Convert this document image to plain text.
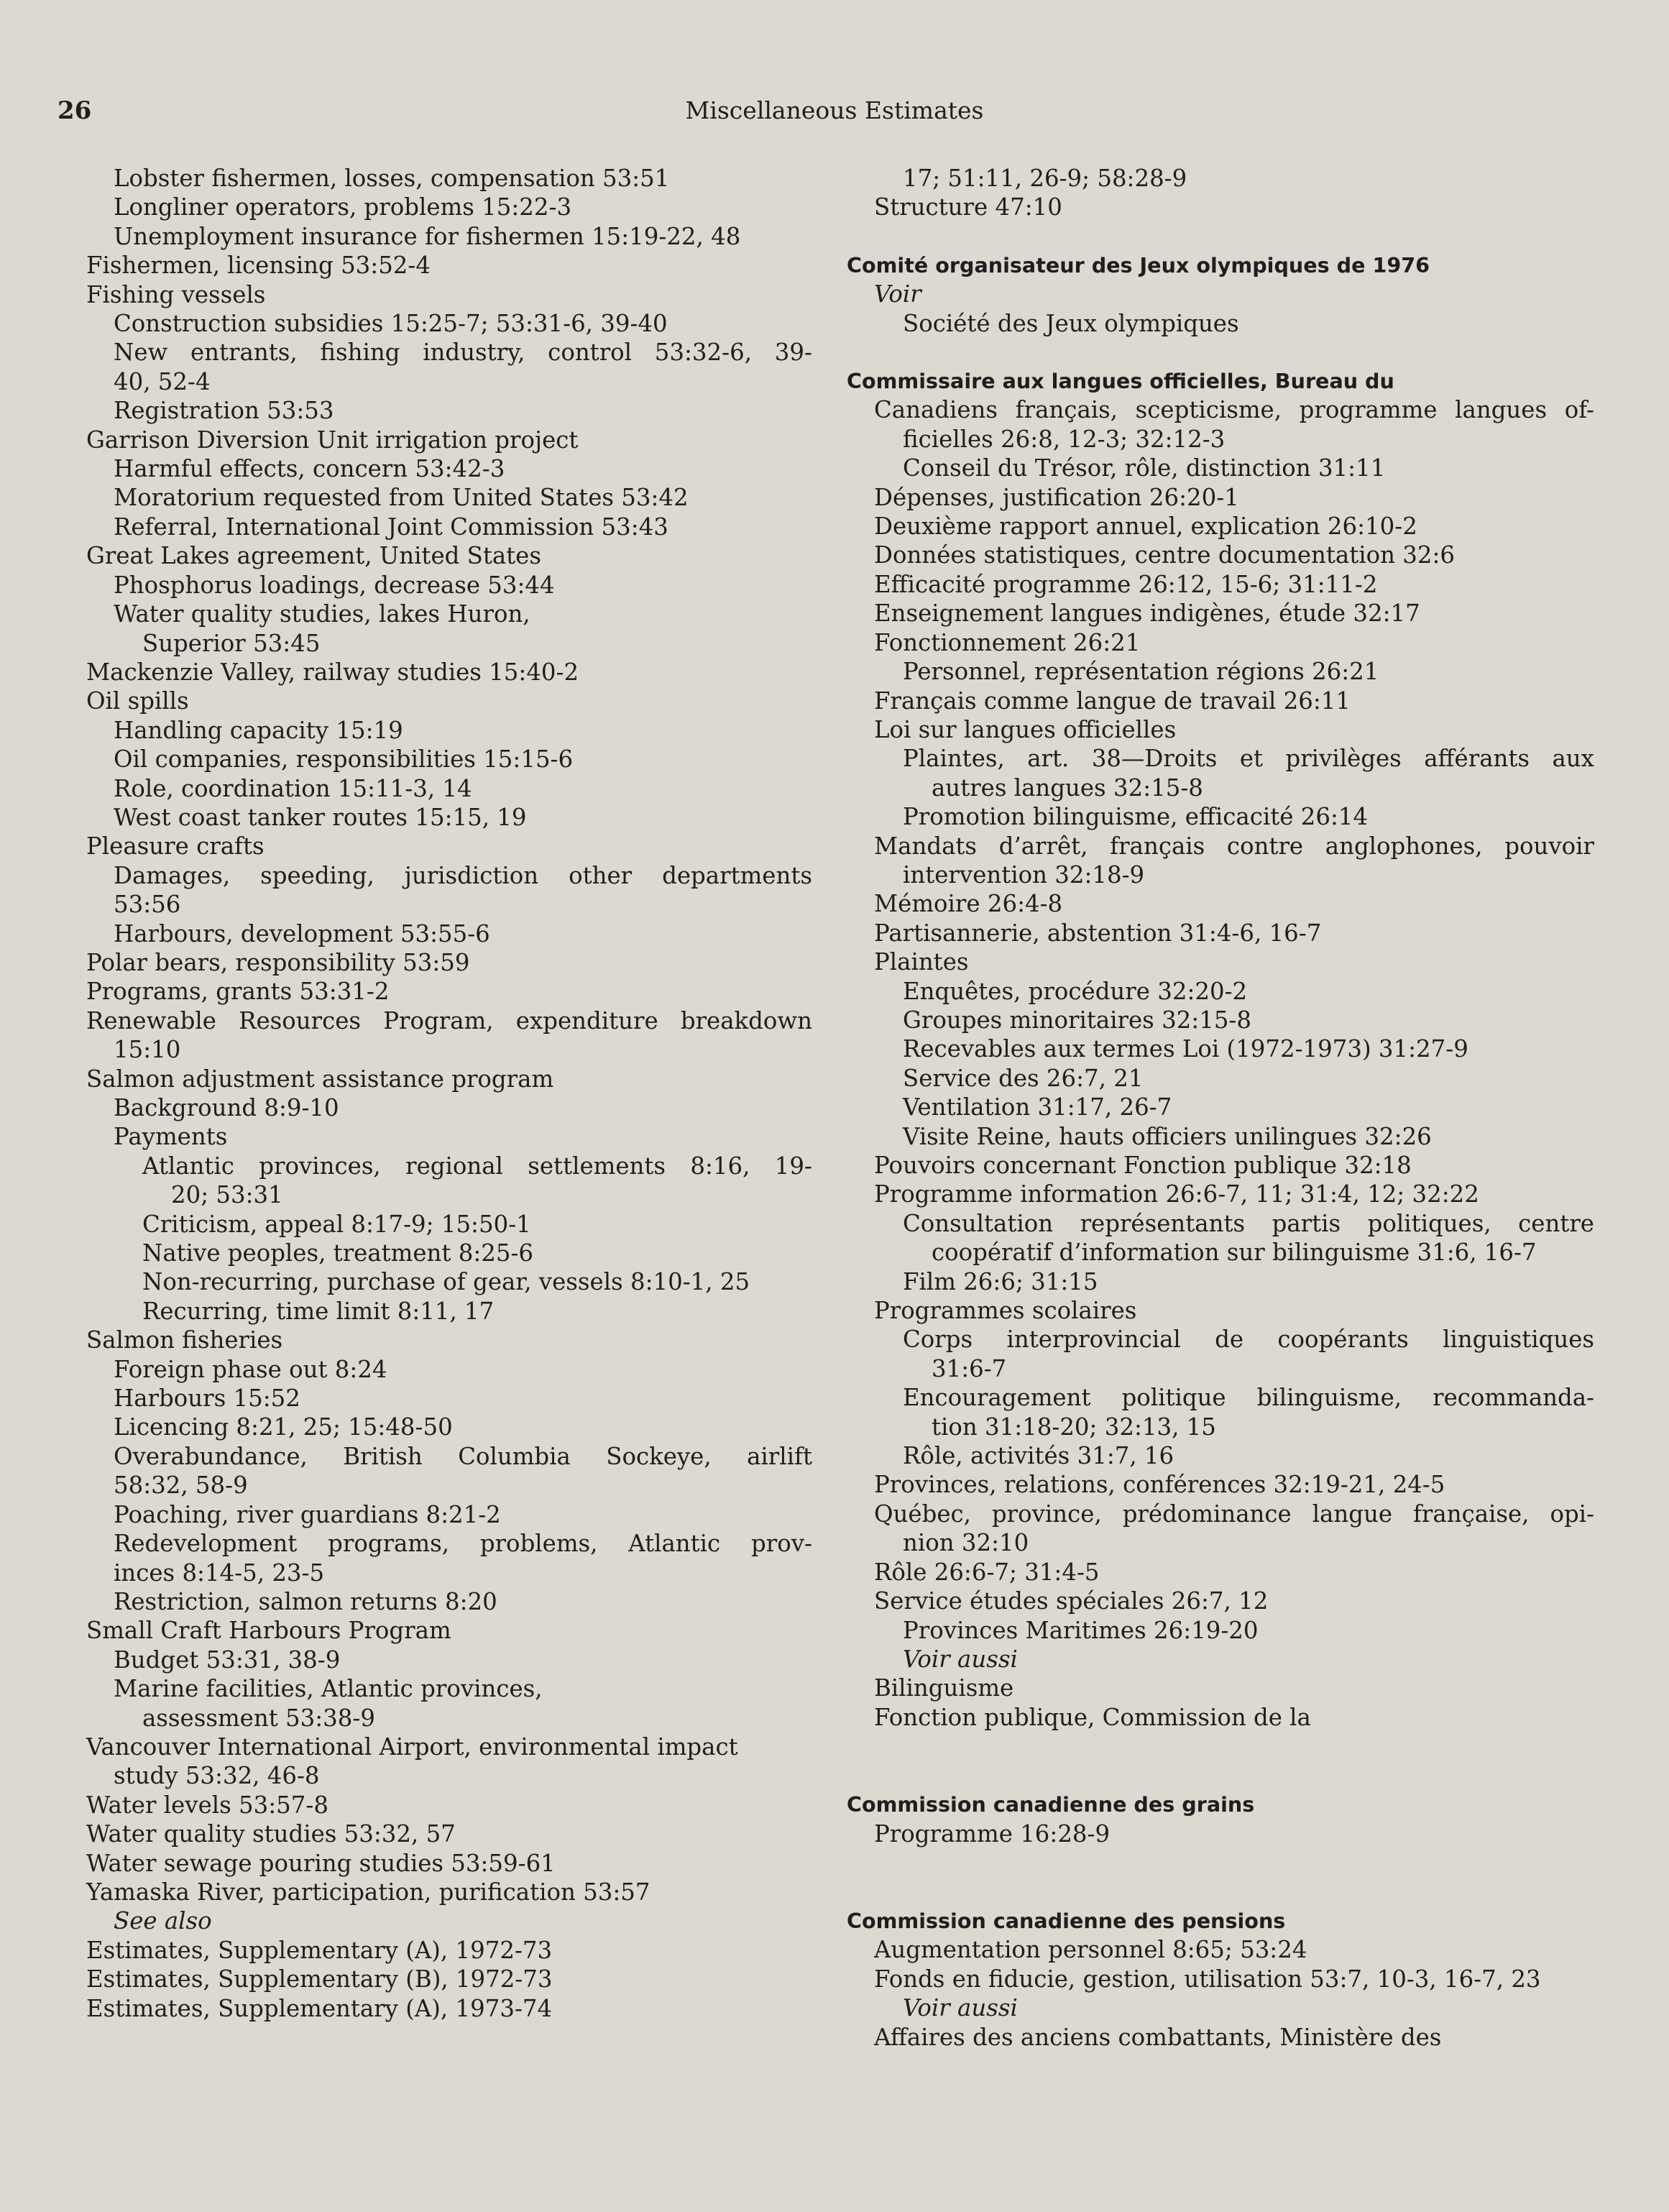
26	Miscellaneous Estimates
Lobster fishermen, losses, compensation 53:51
Longliner operators, problems 15:22-3
Unemployment insurance for fishermen 15:19-22, 48
Fishermen, licensing 53:52-4
Fishing vessels
Construction subsidies 15:25-7; 53:31-6, 39-40
New entrants, fishing industry, control 53:32-6, 39-
40, 52-4
Registration 53:53
Garrison Diversion Unit irrigation project
Harmful effects, concern 53:42-3
Moratorium requested from United States 53:42
Referral, International Joint Commission 53:43
Great Lakes agreement, United States
Phosphorus loadings, decrease 53:44
Water quality studies, lakes Huron,
Superior 53:45
Mackenzie Valley, railway studies 15:40-2
Oil spills
Handling capacity 15:19
Oil companies, responsibilities 15:15-6
Role, coordination 15:11-3, 14
West coast tanker routes 15:15, 19
Pleasure crafts
Damages, speeding, jurisdiction other departments
53:56
Harbours, development 53:55-6
Polar bears, responsibility 53:59
Programs, grants 53:31-2
Renewable Resources Program, expenditure breakdown
15:10
Salmon adjustment assistance program
Background 8:9-10
Payments
Atlantic provinces, regional settlements 8:16, 19-
20; 53:31
Criticism, appeal 8:17-9; 15:50-1
Native peoples, treatment 8:25-6
Non-recurring, purchase of gear, vessels 8:10-1, 25
Recurring, time limit 8:11, 17
Salmon fisheries
Foreign phase out 8:24
Harbours 15:52
Licencing 8:21, 25; 15:48-50
Overabundance, British Columbia Sockeye, airlift
58:32, 58-9
Poaching, river guardians 8:21-2
Redevelopment programs, problems, Atlantic prov-
inces 8:14-5, 23-5
Restriction, salmon returns 8:20
Small Craft Harbours Program
Budget 53:31, 38-9
Marine facilities, Atlantic provinces,
assessment 53:38-9
Vancouver International Airport, environmental impact
study 53:32, 46-8
Water levels 53:57-8
Water quality studies 53:32, 57
Water sewage pouring studies 53:59-61
Yamaska River, participation, purification 53:57
See also
Estimates, Supplementary (A), 1972-73
Estimates, Supplementary (B), 1972-73
Estimates, Supplementary (A), 1973-74
17; 51:11, 26-9; 58:28-9
Structure 47:10
Comité organisateur des Jeux olympiques de 1976
Voir
Société des Jeux olympiques
Commissaire aux langues officielles, Bureau du
Canadiens français, scepticisme, programme langues of-
ficielles 26:8, 12-3; 32:12-3
Conseil du Trésor, rôle, distinction 31:11
Dépenses, justification 26:20-1
Deuxième rapport annuel, explication 26:10-2
Données statistiques, centre documentation 32:6
Efficacité programme 26:12, 15-6; 31:11-2
Enseignement langues indigènes, étude 32:17
Fonctionnement 26:21
Personnel, représentation régions 26:21
Français comme langue de travail 26:11
Loi sur langues officielles
Plaintes, art. 38—Droits et privilèges afférants aux
autres langues 32:15-8
Promotion bilinguisme, efficacité 26:14
Mandats d’arrêt, français contre anglophones, pouvoir
intervention 32:18-9
Mémoire 26:4-8
Partisannerie, abstention 31:4-6, 16-7
Plaintes
Enquêtes, procédure 32:20-2
Groupes minoritaires 32:15-8
Recevables aux termes Loi (1972-1973) 31:27-9
Service des 26:7, 21
Ventilation 31:17, 26-7
Visite Reine, hauts officiers unilingues 32:26
Pouvoirs concernant Fonction publique 32:18
Programme information 26:6-7, 11; 31:4, 12; 32:22
Consultation représentants partis politiques, centre
coopératif d’information sur bilinguisme 31:6, 16-7
Film 26:6; 31:15
Programmes scolaires
Corps interprovincial de coopérants linguistiques
31:6-7
Encouragement politique bilinguisme, recommanda-
tion 31:18-20; 32:13, 15
Rôle, activités 31:7, 16
Provinces, relations, conférences 32:19-21, 24-5
Québec, province, prédominance langue française, opi-
nion 32:10
Rôle 26:6-7; 31:4-5
Service études spéciales 26:7, 12
Provinces Maritimes 26:19-20
Voir aussi
Bilinguisme
Fonction publique, Commission de la
Commission canadienne des grains
Programme 16:28-9
Commission canadienne des pensions
Augmentation personnel 8:65; 53:24
Fonds en fiducie, gestion, utilisation 53:7, 10-3, 16-7, 23
Voir aussi
Affaires des anciens combattants, Ministère des
